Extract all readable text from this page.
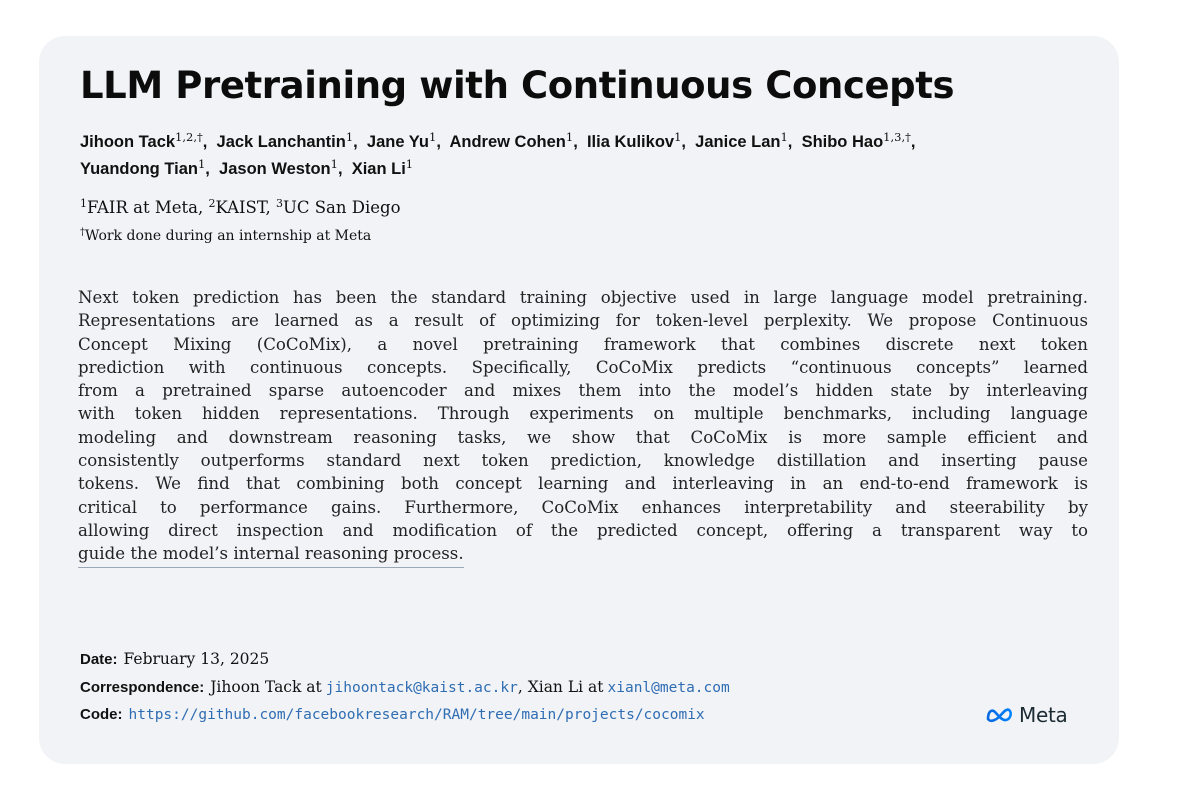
LLM Pretraining with Continuous Concepts
Jihoon Tack$^{1,2,\dagger}$,  Jack Lanchantin$^1$,  Jane Yu$^1$,  Andrew Cohen$^1$,  Ilia Kulikov$^1$,  Janice Lan$^1$,  Shibo Hao$^{1,3,\dagger}$,
Yuandong Tian$^1$,  Jason Weston$^1$,  Xian Li$^1$
$^1$FAIR at Meta, $^2$KAIST, $^3$UC San Diego
†Work done during an internship at Meta
Next token prediction has been the standard training objective used in large language model pretraining.
Representations are learned as a result of optimizing for token-level perplexity. We propose Continuous
Concept Mixing (CoCoMix), a novel pretraining framework that combines discrete next token
prediction with continuous concepts. Specifically, CoCoMix predicts “continuous concepts” learned
from a pretrained sparse autoencoder and mixes them into the model’s hidden state by interleaving
with token hidden representations. Through experiments on multiple benchmarks, including language
modeling and downstream reasoning tasks, we show that CoCoMix is more sample efficient and
consistently outperforms standard next token prediction, knowledge distillation and inserting pause
tokens. We find that combining both concept learning and interleaving in an end-to-end framework is
critical to performance gains. Furthermore, CoCoMix enhances interpretability and steerability by
allowing direct inspection and modification of the predicted concept, offering a transparent way to
guide the model’s internal reasoning process.
Date: February 13, 2025
Correspondence: Jihoon Tack at jihoontack@kaist.ac.kr, Xian Li at xianl@meta.com
Code: https://github.com/facebookresearch/RAM/tree/main/projects/cocomix	Meta
